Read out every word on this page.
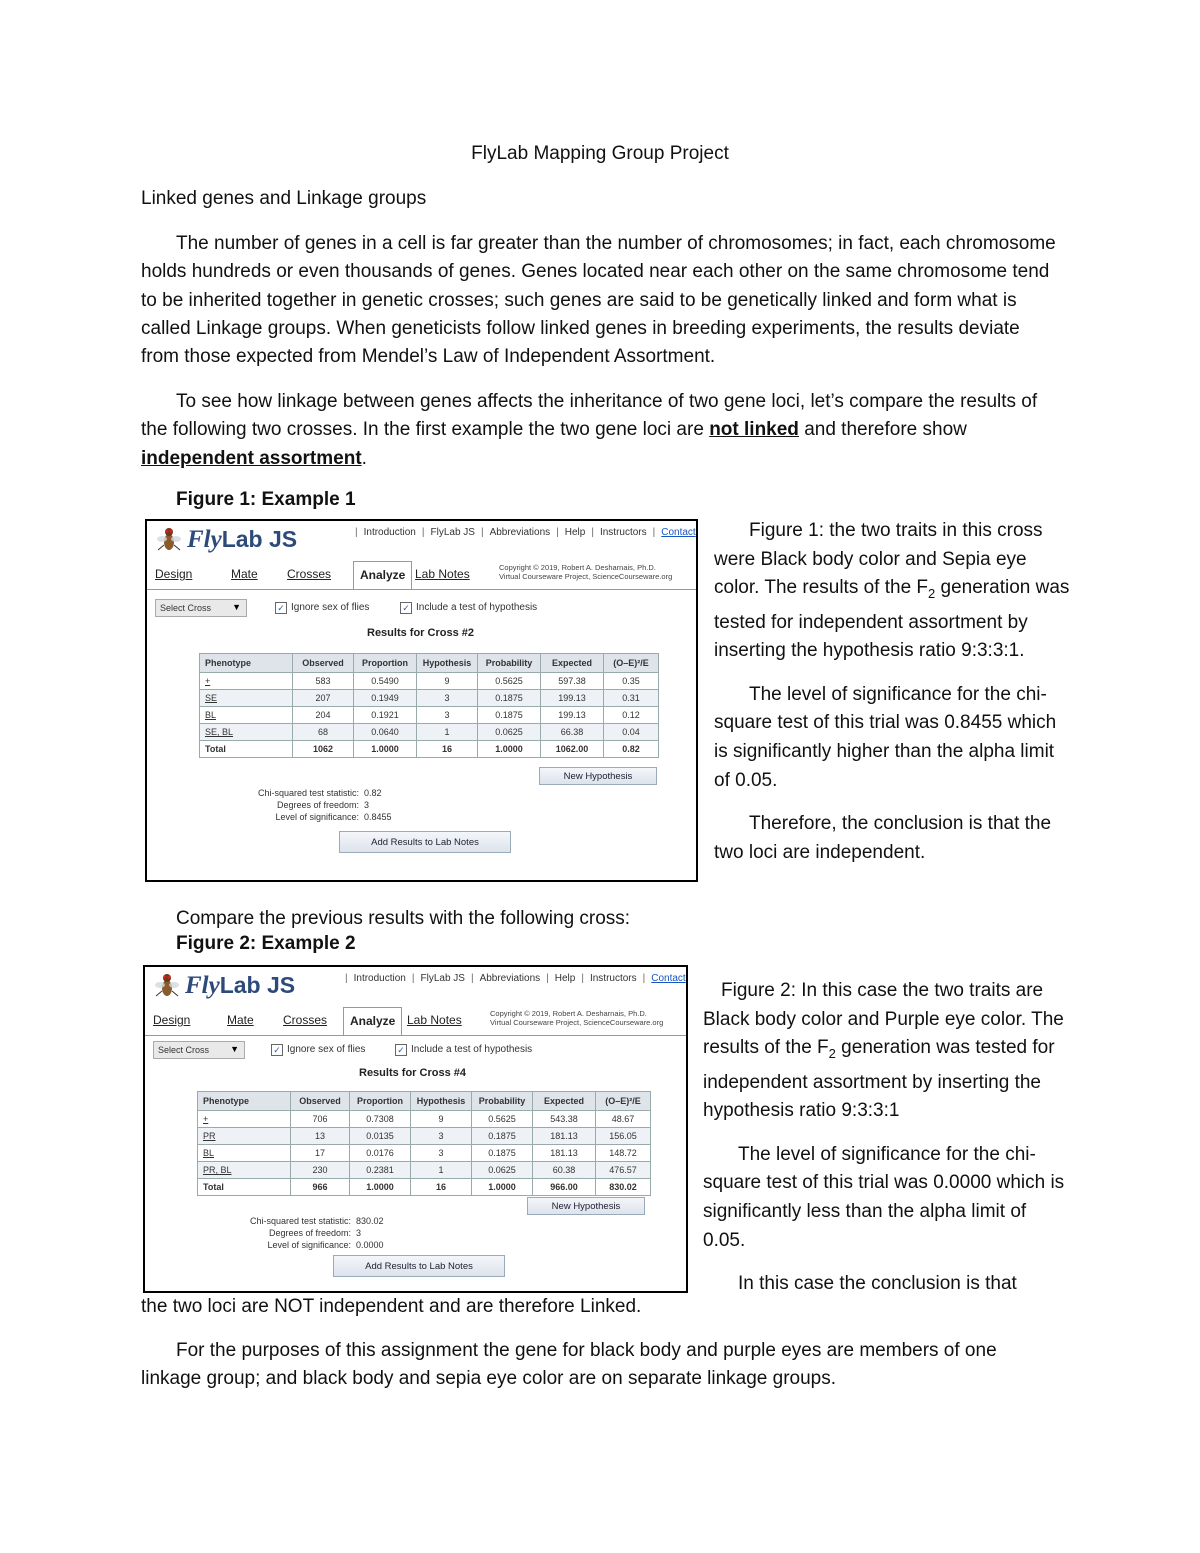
FlyLab Mapping Group Project
Linked genes and Linkage groups
The number of genes in a cell is far greater than the number of chromosomes; in fact, each chromosome holds hundreds or even thousands of genes. Genes located near each other on the same chromosome tend to be inherited together in genetic crosses; such genes are said to be genetically linked and form what is called Linkage groups. When geneticists follow linked genes in breeding experiments, the results deviate from those expected from Mendel’s Law of Independent Assortment.
To see how linkage between genes affects the inheritance of two gene loci, let’s compare the results of the following two crosses. In the first example the two gene loci are not linked and therefore show independent assortment.
Figure 1: Example 1
FlyLab JS	| Introduction | FlyLab JS | Abbreviations | Help | Instructors | Contact
Design	Mate Crosses	Analyze Lab Notes	Copyright © 2019, Robert A. Desharnais, Ph.D.
Virtual Courseware Project, ScienceCourseware.org
Select Cross ▼	✓ Ignore sex of flies	✓ Include a test of hypothesis
Results for Cross #2
Phenotype	Observed	Proportion	Hypothesis	Probability	Expected	(O–E)²/E
+	583	0.5490	9	0.5625	597.38	0.35
SE	207	0.1949	3	0.1875	199.13	0.31
BL	204	0.1921	3	0.1875	199.13	0.12
SE, BL	68	0.0640	1	0.0625	66.38	0.04
Total	1062	1.0000	16	1.0000	1062.00	0.82
New Hypothesis
Chi-squared test statistic: 0.82
Degrees of freedom: 3
Level of significance: 0.8455
Add Results to Lab Notes

Figure 1: the two traits in this cross were Black body color and Sepia eye color. The results of the $F_2$ generation was tested for independent assortment by inserting the hypothesis ratio 9:3:3:1.

The level of significance for the chi-square test of this trial was 0.8455 which is significantly higher than the alpha limit of 0.05.

Therefore, the conclusion is that the two loci are independent.

Compare the previous results with the following cross:
Figure 2: Example 2
FlyLab JS	| Introduction | FlyLab JS | Abbreviations | Help | Instructors | Contact
Design	Mate Crosses	Analyze Lab Notes	Copyright © 2019, Robert A. Desharnais, Ph.D.
Virtual Courseware Project, ScienceCourseware.org
Select Cross ▼	✓ Ignore sex of flies	✓ Include a test of hypothesis
Results for Cross #4
Phenotype	Observed	Proportion	Hypothesis	Probability	Expected	(O–E)²/E
+	706	0.7308	9	0.5625	543.38	48.67
PR	13	0.0135	3	0.1875	181.13	156.05
BL	17	0.0176	3	0.1875	181.13	148.72
PR, BL	230	0.2381	1	0.0625	60.38	476.57
Total	966	1.0000	16	1.0000	966.00	830.02
New Hypothesis
Chi-squared test statistic: 830.02
Degrees of freedom: 3
Level of significance: 0.0000
Add Results to Lab Notes

Figure 2: In this case the two traits are Black body color and Purple eye color. The results of the $F_2$ generation was tested for independent assortment by inserting the hypothesis ratio 9:3:3:1

The level of significance for the chi-square test of this trial was 0.0000 which is significantly less than the alpha limit of 0.05.

In this case the conclusion is that

the two loci are NOT independent and are therefore Linked.
For the purposes of this assignment the gene for black body and purple eyes are members of one linkage group; and black body and sepia eye color are on separate linkage groups.
